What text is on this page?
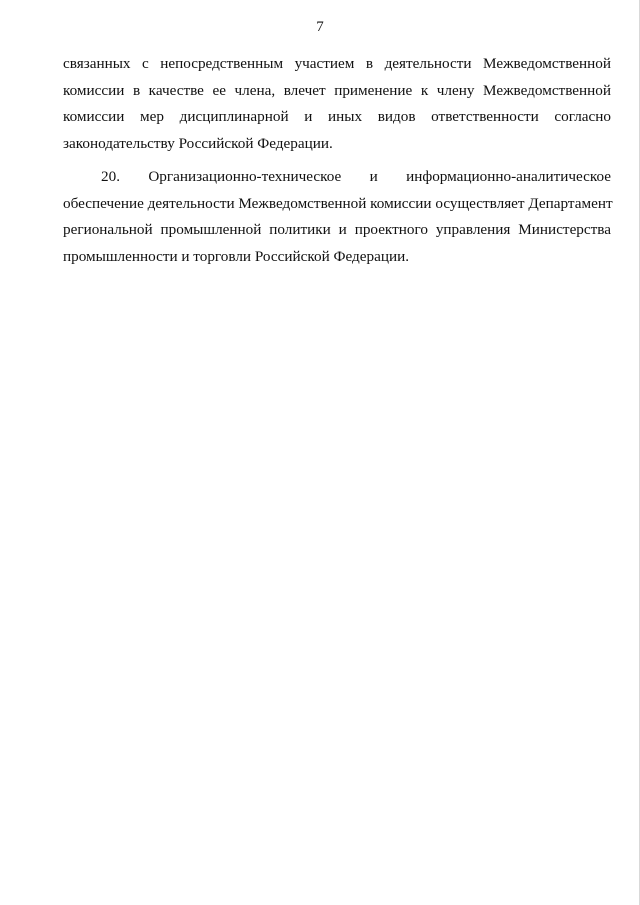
7
связанных с непосредственным участием в деятельности Межведомственной
комиссии в качестве ее члена, влечет применение к члену Межведомственной
комиссии мер дисциплинарной и иных видов ответственности согласно
законодательству Российской Федерации.
20. Организационно-техническое и информационно-аналитическое
обеспечение деятельности Межведомственной комиссии осуществляет Департамент
региональной промышленной политики и проектного управления Министерства
промышленности и торговли Российской Федерации.
